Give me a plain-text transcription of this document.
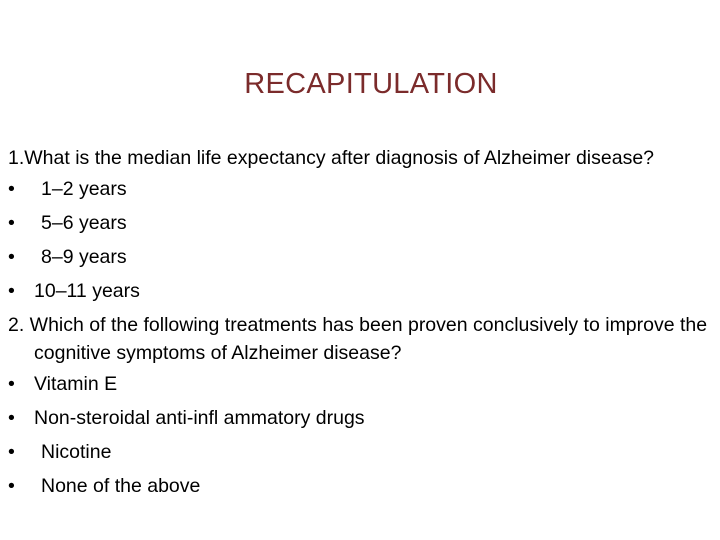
RECAPITULATION

1.What is the median life expectancy after diagnosis of Alzheimer disease?

•	1–2 years
•	5–6 years
•	8–9 years
• 10–11 years

2. Which of the following treatments has been proven conclusively to improve the cognitive symptoms of Alzheimer disease?

• Vitamin E
• Non-steroidal anti-infl ammatory drugs
•	Nicotine
•	None of the above
